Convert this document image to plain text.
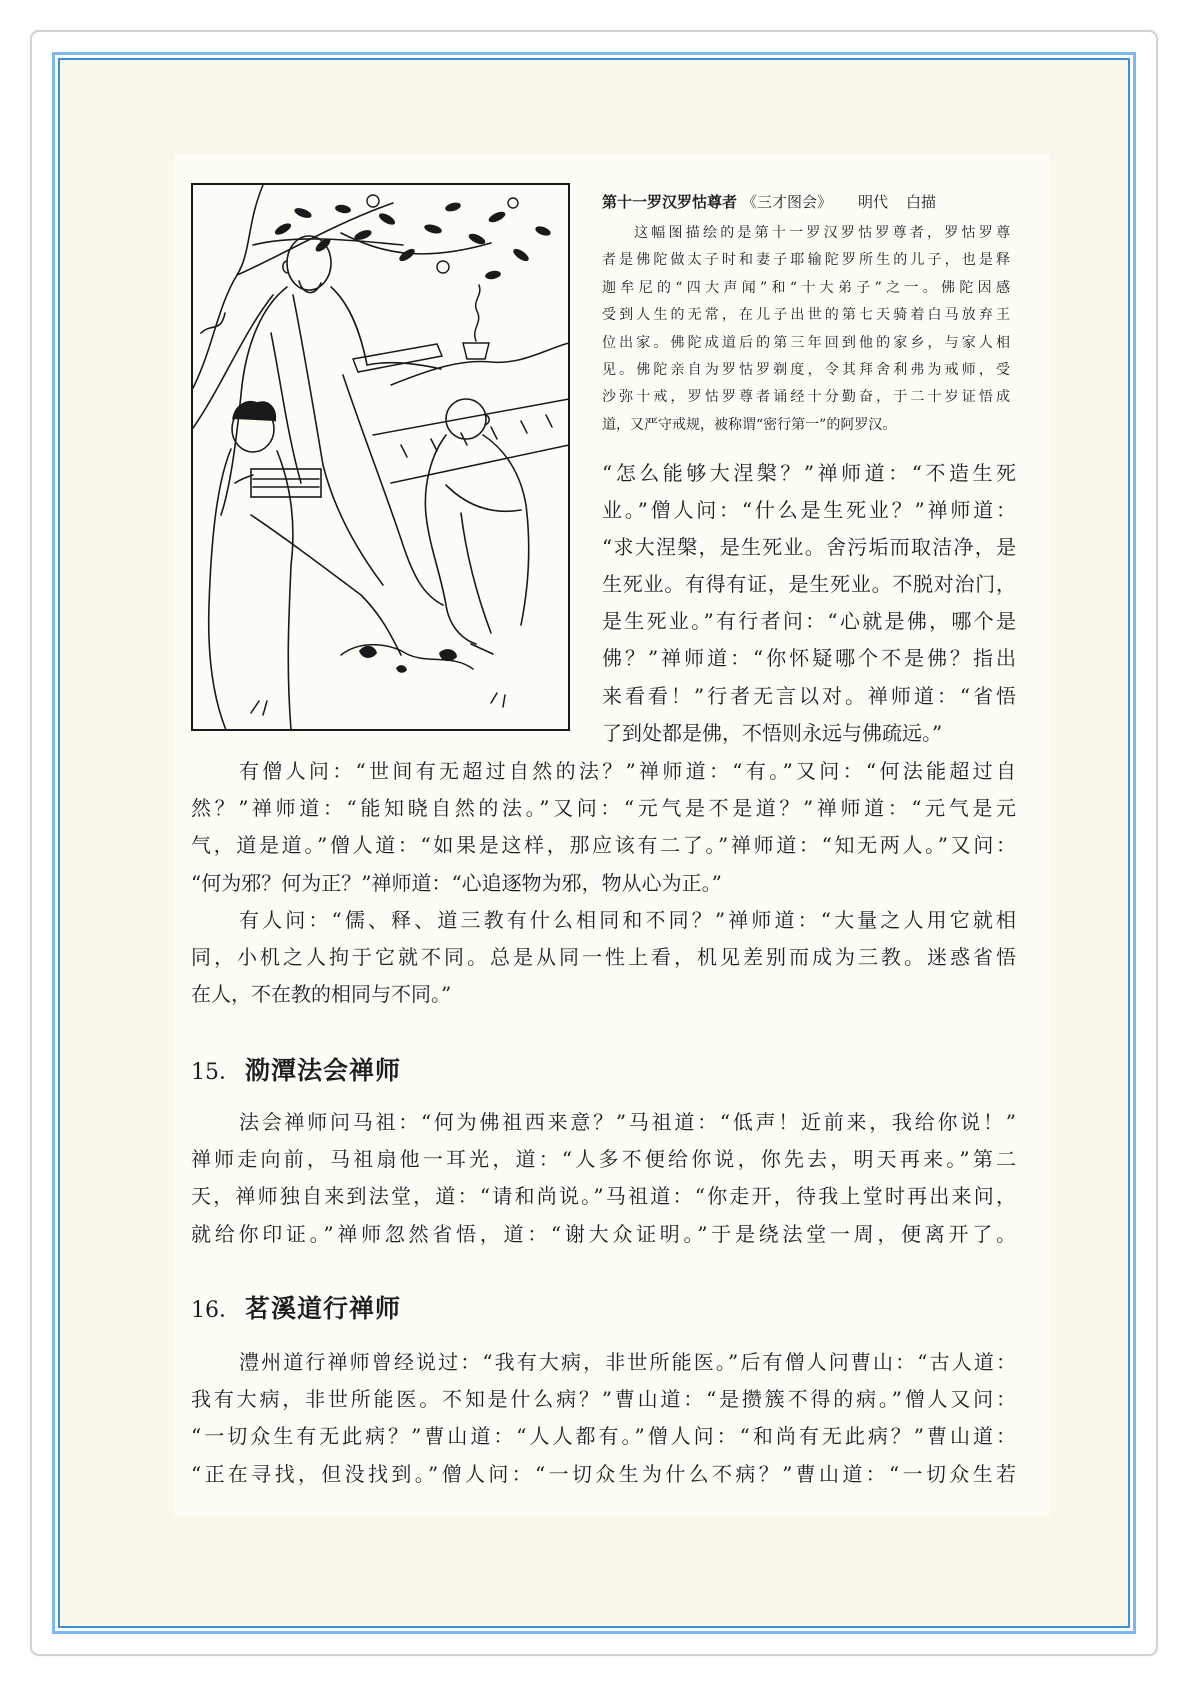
第十一罗汉罗怙尊者 《三才图会》 明代 白描
这幅图描绘的是第十一罗汉罗怙罗尊者，罗怙罗尊
者是佛陀做太子时和妻子耶输陀罗所生的儿子，也是释
迦牟尼的“四大声闻”和“十大弟子”之一。佛陀因感
受到人生的无常，在儿子出世的第七天骑着白马放弃王
位出家。佛陀成道后的第三年回到他的家乡，与家人相
见。佛陀亲自为罗怙罗剃度，令其拜舍利弗为戒师，受
沙弥十戒，罗怙罗尊者诵经十分勤奋，于二十岁证悟成
道，又严守戒规，被称谓“密行第一”的阿罗汉。
“怎么能够大涅槃？”禅师道：“不造生死
业。”僧人问：“什么是生死业？”禅师道：
“求大涅槃，是生死业。舍污垢而取洁净，是
生死业。有得有证，是生死业。不脱对治门，
是生死业。”有行者问：“心就是佛，哪个是
佛？”禅师道：“你怀疑哪个不是佛？指出
来看看！”行者无言以对。禅师道：“省悟
了到处都是佛，不悟则永远与佛疏远。”
有僧人问：“世间有无超过自然的法？”禅师道：“有。”又问：“何法能超过自
然？”禅师道：“能知晓自然的法。”又问：“元气是不是道？”禅师道：“元气是元
气，道是道。”僧人道：“如果是这样，那应该有二了。”禅师道：“知无两人。”又问：
“何为邪？何为正？”禅师道：“心追逐物为邪，物从心为正。”
有人问：“儒、释、道三教有什么相同和不同？”禅师道：“大量之人用它就相
同，小机之人拘于它就不同。总是从同一性上看，机见差别而成为三教。迷惑省悟
在人，不在教的相同与不同。”
15． 泐潭法会禅师
法会禅师问马祖：“何为佛祖西来意？”马祖道：“低声！近前来，我给你说！”
禅师走向前，马祖扇他一耳光，道：“人多不便给你说，你先去，明天再来。”第二
天，禅师独自来到法堂，道：“请和尚说。”马祖道：“你走开，待我上堂时再出来问，
就给你印证。”禅师忽然省悟，道：“谢大众证明。”于是绕法堂一周，便离开了。
16． 茗溪道行禅师
澧州道行禅师曾经说过：“我有大病，非世所能医。”后有僧人问曹山：“古人道：
我有大病，非世所能医。不知是什么病？”曹山道：“是攒簇不得的病。”僧人又问：
“一切众生有无此病？”曹山道：“人人都有。”僧人问：“和尚有无此病？”曹山道：
“正在寻找，但没找到。”僧人问：“一切众生为什么不病？”曹山道：“一切众生若
